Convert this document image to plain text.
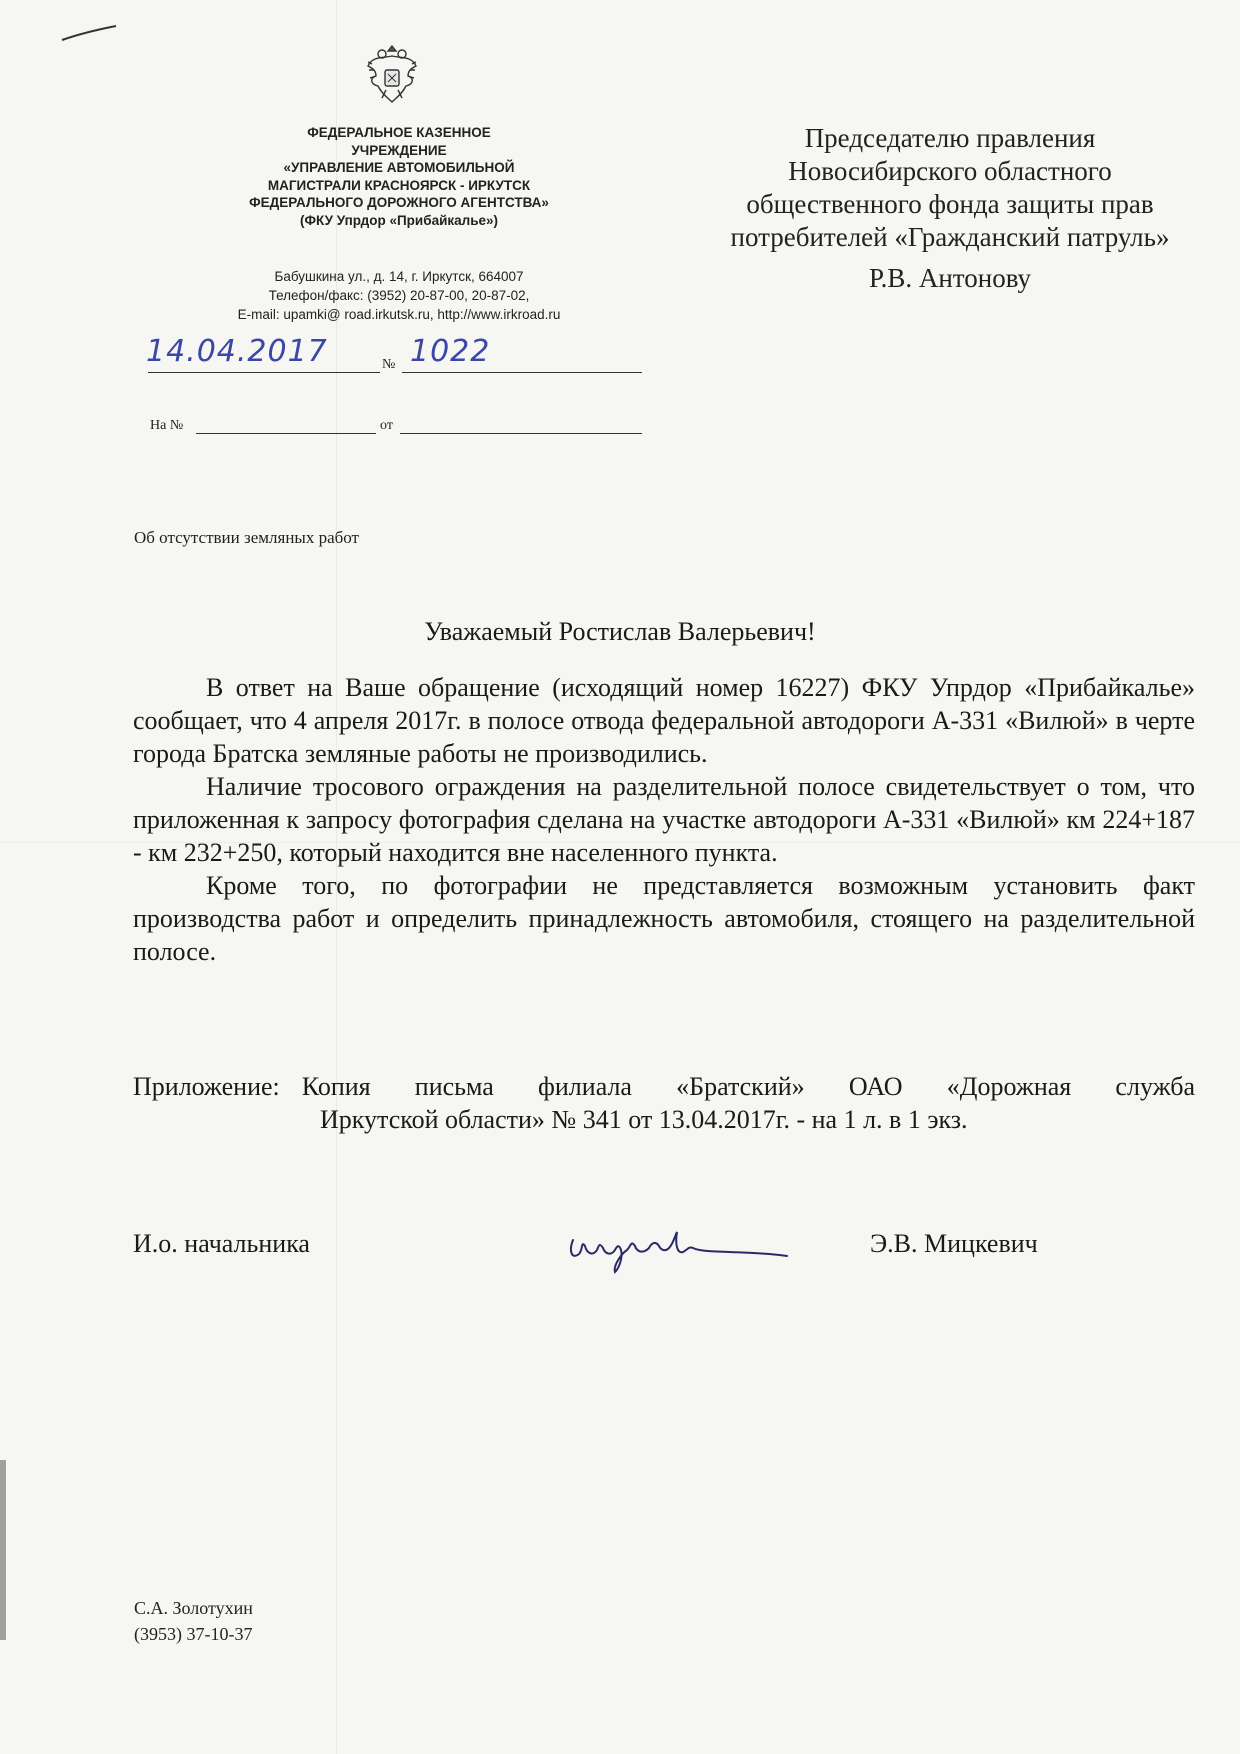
ФЕДЕРАЛЬНОЕ КАЗЕННОЕ
УЧРЕЖДЕНИЕ
«УПРАВЛЕНИЕ АВТОМОБИЛЬНОЙ
МАГИСТРАЛИ КРАСНОЯРСК - ИРКУТСК
ФЕДЕРАЛЬНОГО ДОРОЖНОГО АГЕНТСТВА»
(ФКУ Упрдор «Прибайкалье»)
Бабушкина ул., д. 14, г. Иркутск, 664007
Телефон/факс: (3952) 20-87-00, 20-87-02,
E-mail: upamki@ road.irkutsk.ru, http://www.irkroad.ru
14.04.2017	№ 1022
На №	от
Председателю правления
Новосибирского областного
общественного фонда защиты прав
потребителей «Гражданский патруль»
Р.В. Антонову
Об отсутствии земляных работ
Уважаемый Ростислав Валерьевич!

В ответ на Ваше обращение (исходящий номер 16227) ФКУ Упрдор «Прибайкалье» сообщает, что 4 апреля 2017г. в полосе отвода федеральной автодороги А-331 «Вилюй» в черте города Братска земляные работы не производились.

Наличие тросового ограждения на разделительной полосе свидетельствует о том, что приложенная к запросу фотография сделана на участке автодороги А-331 «Вилюй» км 224+187 - км 232+250, который находится вне населенного пункта.

Кроме того, по фотографии не представляется возможным установить факт производства работ и определить принадлежность автомобиля, стоящего на разделительной полосе.

Приложение: Копия письма филиала «Братский» ОАО «Дорожная служба
Иркутской области» № 341 от 13.04.2017г. - на 1 л. в 1 экз.
И.о. начальника	Э.В. Мицкевич
С.А. Золотухин
(3953) 37-10-37
